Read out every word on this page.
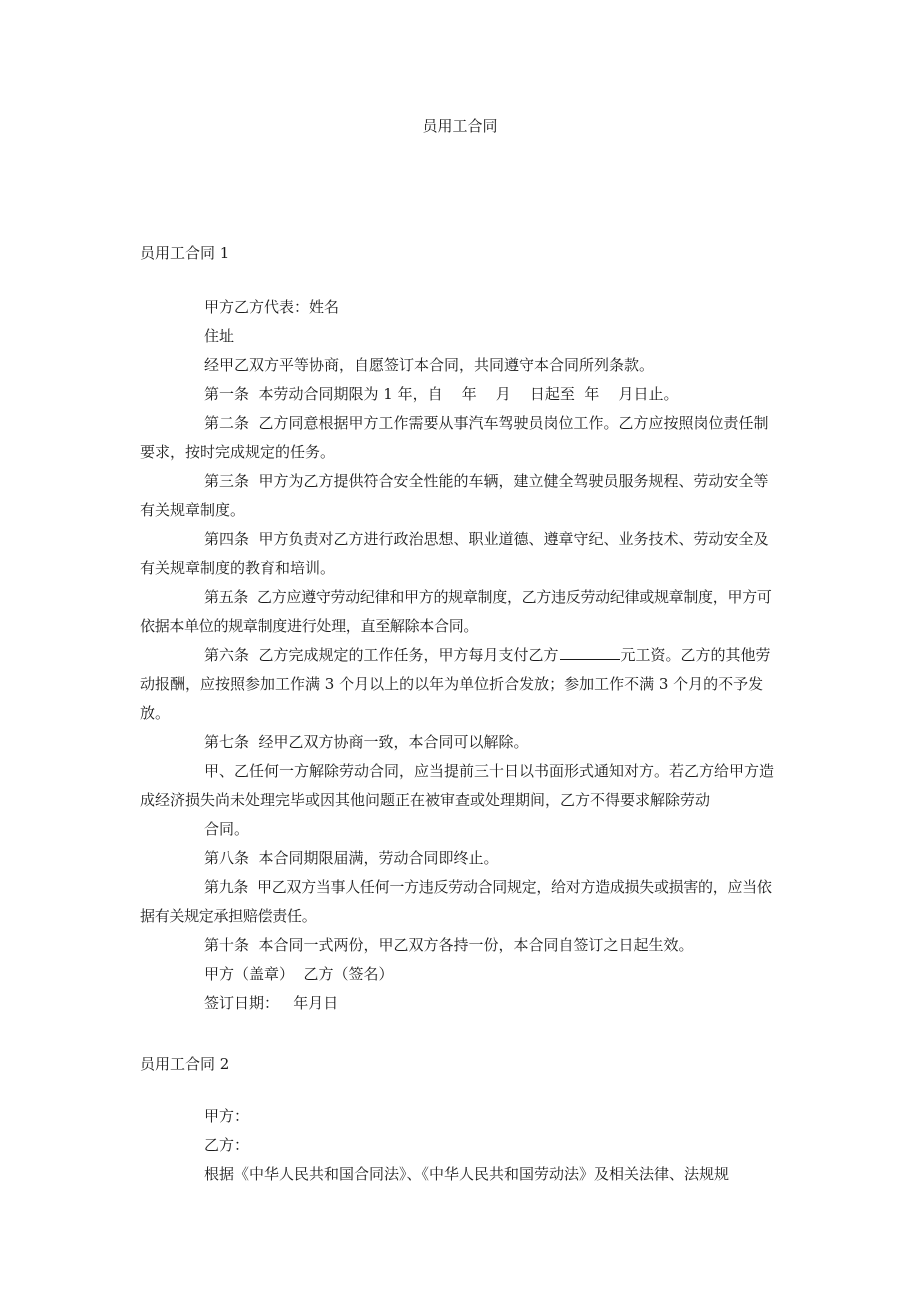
员用工合同
员用工合同 1

甲方乙方代表：姓名

住址

经甲乙双方平等协商，自愿签订本合同，共同遵守本合同所列条款。

第一条  本劳动合同期限为 1 年，自    年    月    日起至  年    月日止。

第二条  乙方同意根据甲方工作需要从事汽车驾驶员岗位工作。乙方应按照岗位责任制要求，按时完成规定的任务。

第三条  甲方为乙方提供符合安全性能的车辆，建立健全驾驶员服务规程、劳动安全等有关规章制度。

第四条  甲方负责对乙方进行政治思想、职业道德、遵章守纪、业务技术、劳动安全及有关规章制度的教育和培训。

第五条  乙方应遵守劳动纪律和甲方的规章制度，乙方违反劳动纪律或规章制度，甲方可依据本单位的规章制度进行处理，直至解除本合同。

第六条  乙方完成规定的工作任务，甲方每月支付乙方	元工资。乙方的其他劳动报酬，应按照参加工作满 3 个月以上的以年为单位折合发放；参加工作不满 3 个月的不予发放。

第七条  经甲乙双方协商一致，本合同可以解除。

甲、乙任何一方解除劳动合同，应当提前三十日以书面形式通知对方。若乙方给甲方造成经济损失尚未处理完毕或因其他问题正在被审查或处理期间，乙方不得要求解除劳动

合同。

第八条  本合同期限届满，劳动合同即终止。

第九条  甲乙双方当事人任何一方违反劳动合同规定，给对方造成损失或损害的，应当依据有关规定承担赔偿责任。

第十条  本合同一式两份，甲乙双方各持一份，本合同自签订之日起生效。

甲方（盖章）  乙方（签名）

签订日期：   年月日

员用工合同 2

甲方：

乙方：

根据《中华人民共和国合同法》、《中华人民共和国劳动法》及相关法律、法规规
